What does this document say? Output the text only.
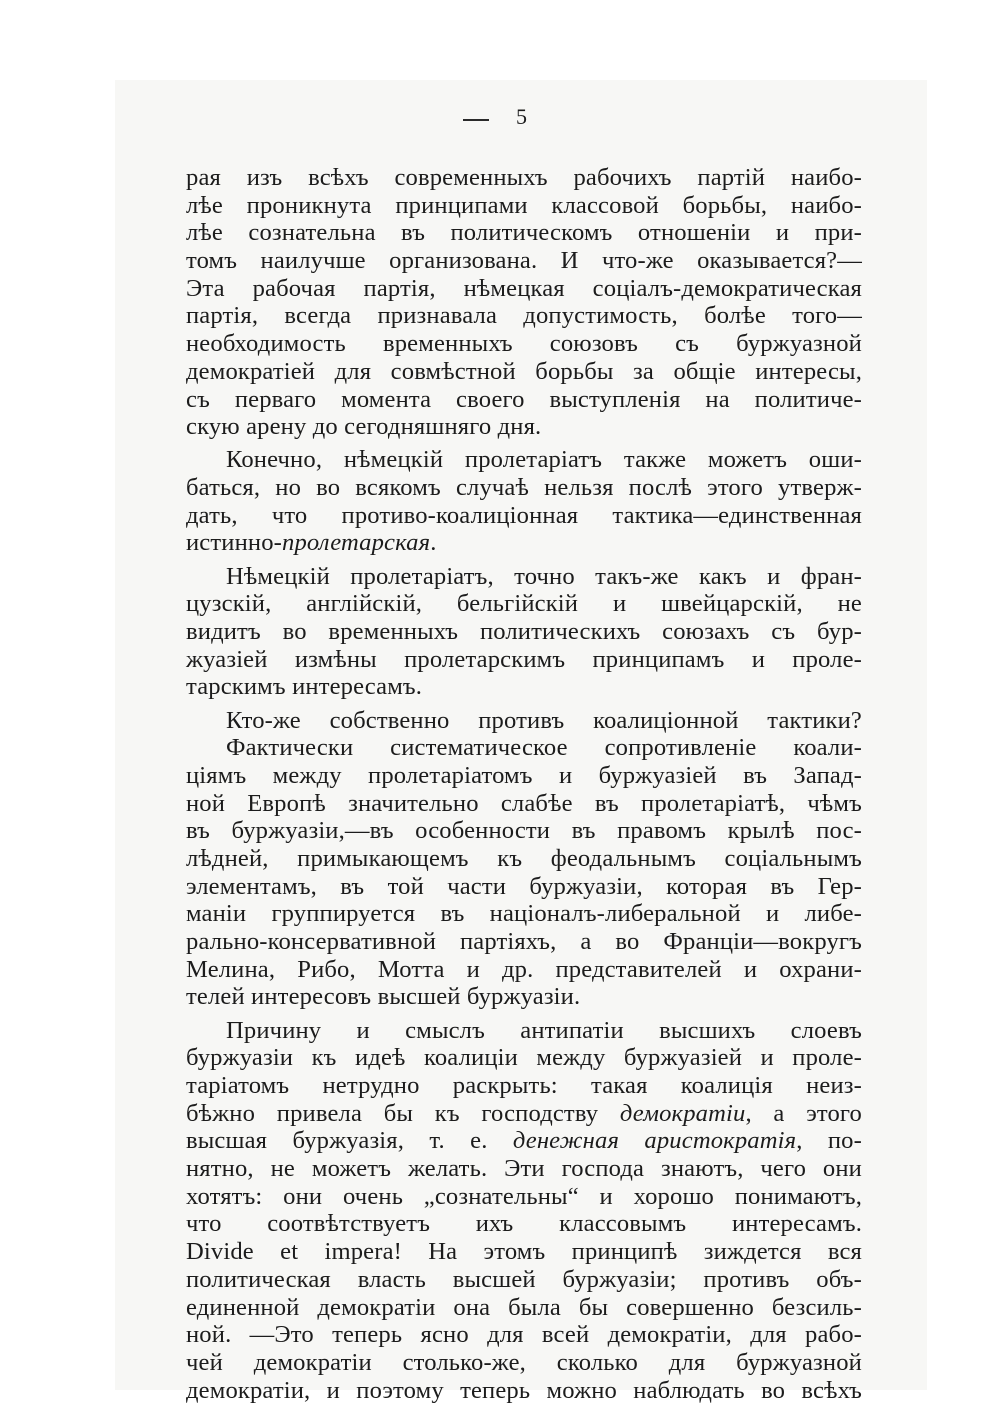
5
рая изъ всѣхъ современныхъ рабочихъ партій наибо-
лѣе проникнута принципами классовой борьбы, наибо-
лѣе сознательна въ политическомъ отношеніи и при-
томъ наилучше организована. И что-же оказывается?—
Эта рабочая партія, нѣмецкая соціалъ-демократическая
партія, всегда признавала допустимость, болѣе того—
необходимость временныхъ союзовъ съ буржуазной
демократіей для совмѣстной борьбы за общіе интересы,
съ перваго момента своего выступленія на политиче-
скую арену до сегодняшняго дня.
Конечно, нѣмецкій пролетаріатъ также можетъ оши-
баться, но во всякомъ случаѣ нельзя послѣ этого утверж-
дать, что противо-коалиціонная тактика—единственная
истинно-пролетарская.
Нѣмецкій пролетаріатъ, точно такъ-же какъ и фран-
цузскій, англійскій, бельгійскій и швейцарскій, не
видитъ во временныхъ политическихъ союзахъ съ бур-
жуазіей измѣны пролетарскимъ принципамъ и проле-
тарскимъ интересамъ.
Кто-же собственно противъ коалиціонной тактики?
Фактически систематическое сопротивленіе коали-
ціямъ между пролетаріатомъ и буржуазіей въ Запад-
ной Европѣ значительно слабѣе въ пролетаріатѣ, чѣмъ
въ буржуазіи,—въ особенности въ правомъ крылѣ пос-
лѣдней, примыкающемъ къ феодальнымъ соціальнымъ
элементамъ, въ той части буржуазіи, которая въ Гер-
маніи группируется въ націоналъ-либеральной и либе-
рально-консервативной партіяхъ, а во Франціи—вокругъ
Мелина, Рибо, Мотта и др. представителей и охрани-
телей интересовъ высшей буржуазіи.
Причину и смыслъ антипатіи высшихъ слоевъ
буржуазіи къ идеѣ коалиціи между буржуазіей и проле-
таріатомъ нетрудно раскрыть: такая коалиція неиз-
бѣжно привела бы къ господству демократіи, а этого
высшая буржуазія, т. е. денежная аристократія, по-
нятно, не можетъ желать. Эти господа знаютъ, чего они
хотятъ: они очень „сознательны“ и хорошо понимаютъ,
что соотвѣтствуетъ ихъ классовымъ интересамъ.
Divide et impera! На этомъ принципѣ зиждется вся
политическая власть высшей буржуазіи; противъ объ-
единенной демократіи она была бы совершенно безсиль-
ной. —Это теперь ясно для всей демократіи, для рабо-
чей демократіи столько-же, сколько для буржуазной
демократіи, и поэтому теперь можно наблюдать во всѣхъ
